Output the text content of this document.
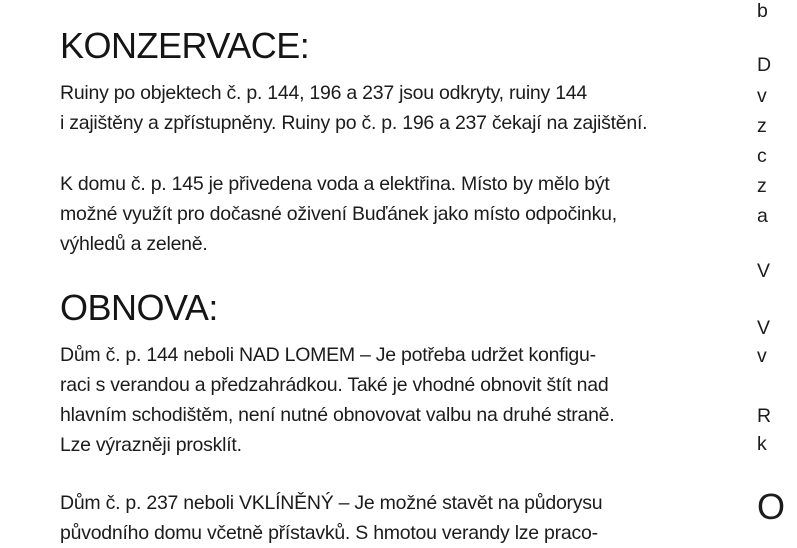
KONZERVACE:

Ruiny po objektech č. p. 144, 196 a 237 jsou odkryty, ruiny 144
i zajištěny a zpřístupněny. Ruiny po č. p. 196 a 237 čekají na zajištění.

K domu č. p. 145 je přivedena voda a elektřina. Místo by mělo být
možné využít pro dočasné oživení Buďánek jako místo odpočinku,
výhledů a zeleně.

OBNOVA:

Dům č. p. 144 neboli NAD LOMEM – Je potřeba udržet konfigu-
raci s verandou a předzahrádkou. Také je vhodné obnovit štít nad
hlavním schodištěm, není nutné obnovovat valbu na druhé straně.
Lze výrazněji prosklít.

Dům č. p. 237 neboli VKLÍNĚNÝ – Je možné stavět na půdorysu
původního domu včetně přístavků. S hmotou verandy lze praco-

b
D
v
z
c
z
a
V
V
v
R
k
O
